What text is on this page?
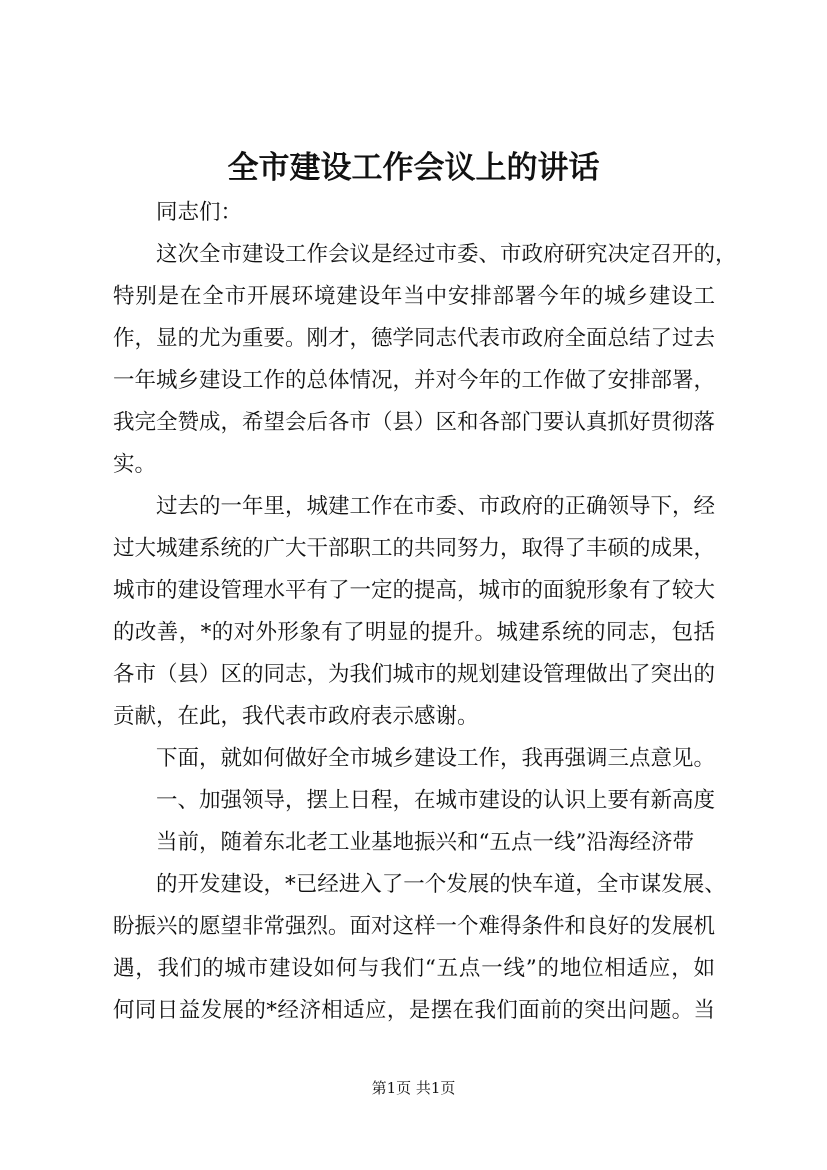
全市建设工作会议上的讲话
同志们：
这次全市建设工作会议是经过市委、市政府研究决定召开的，
特别是在全市开展环境建设年当中安排部署今年的城乡建设工
作，显的尤为重要。刚才，德学同志代表市政府全面总结了过去
一年城乡建设工作的总体情况，并对今年的工作做了安排部署，
我完全赞成，希望会后各市（县）区和各部门要认真抓好贯彻落
实。
过去的一年里，城建工作在市委、市政府的正确领导下，经
过大城建系统的广大干部职工的共同努力，取得了丰硕的成果，
城市的建设管理水平有了一定的提高，城市的面貌形象有了较大
的改善，*的对外形象有了明显的提升。城建系统的同志，包括
各市（县）区的同志，为我们城市的规划建设管理做出了突出的
贡献，在此，我代表市政府表示感谢。
下面，就如何做好全市城乡建设工作，我再强调三点意见。
一、加强领导，摆上日程，在城市建设的认识上要有新高度
当前，随着东北老工业基地振兴和“五点一线”沿海经济带
的开发建设，*已经进入了一个发展的快车道，全市谋发展、
盼振兴的愿望非常强烈。面对这样一个难得条件和良好的发展机
遇，我们的城市建设如何与我们“五点一线”的地位相适应，如
何同日益发展的*经济相适应，是摆在我们面前的突出问题。当
第1页 共1页
